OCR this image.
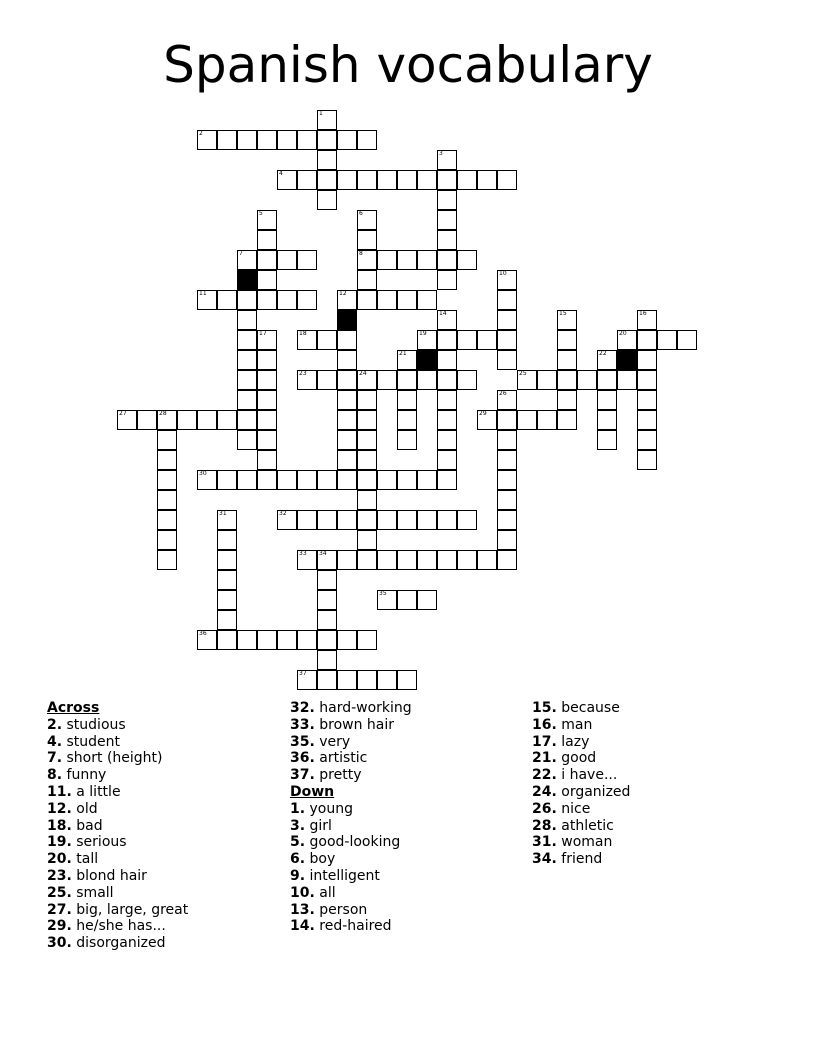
Spanish vocabulary
2
4
7	8
11	12
18	19	20
23	24	25
27	28	29
30
32
33 34
35
36
37
1
3
5	6
10
14	15	16
17
21	22
26
31
Across
2. studious
4. student
7. short (height)
8. funny
11. a little
12. old
18. bad
19. serious
20. tall
23. blond hair
25. small
27. big, large, great
29. he/she has...
30. disorganized
32. hard-working
33. brown hair
35. very
36. artistic
37. pretty
Down
1. young
3. girl
5. good-looking
6. boy
9. intelligent
10. all
13. person
14. red-haired
15. because
16. man
17. lazy
21. good
22. i have...
24. organized
26. nice
28. athletic
31. woman
34. friend
